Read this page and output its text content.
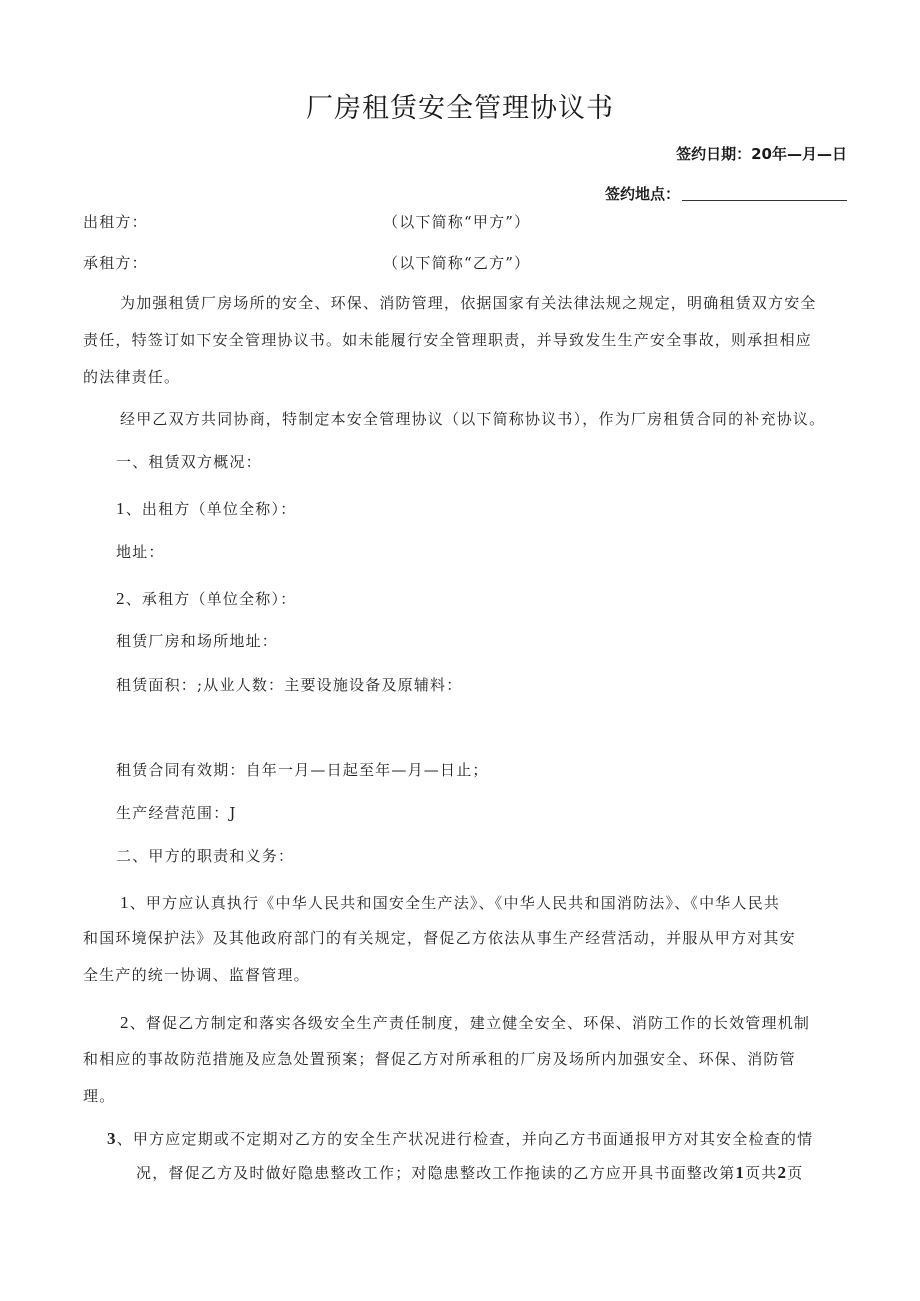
厂房租赁安全管理协议书
签约日期：20年—月—日
签约地点：
出租方：	（以下简称“甲方”）
承租方：	（以下简称“乙方”）
为加强租赁厂房场所的安全、环保、消防管理，依据国家有关法律法规之规定，明确租赁双方安全
责任，特签订如下安全管理协议书。如未能履行安全管理职责，并导致发生生产安全事故，则承担相应
的法律责任。
经甲乙双方共同协商，特制定本安全管理协议（以下简称协议书），作为厂房租赁合同的补充协议。
一、租赁双方概况：
1、出租方（单位全称）：
地址：
2、承租方（单位全称）：
租赁厂房和场所地址：
租赁面积：;从业人数：主要设施设备及原辅料：
租赁合同有效期：自年一月—日起至年—月—日止；
生产经营范围：J
二、甲方的职责和义务：
1、甲方应认真执行《中华人民共和国安全生产法》、《中华人民共和国消防法》、《中华人民共
和国环境保护法》及其他政府部门的有关规定，督促乙方依法从事生产经营活动，并服从甲方对其安
全生产的统一协调、监督管理。
2、督促乙方制定和落实各级安全生产责任制度，建立健全安全、环保、消防工作的长效管理机制
和相应的事故防范措施及应急处置预案；督促乙方对所承租的厂房及场所内加强安全、环保、消防管
理。
3、甲方应定期或不定期对乙方的安全生产状况进行检查，并向乙方书面通报甲方对其安全检查的情
况，督促乙方及时做好隐患整改工作；对隐患整改工作拖读的乙方应开具书面整改第1页共2页
